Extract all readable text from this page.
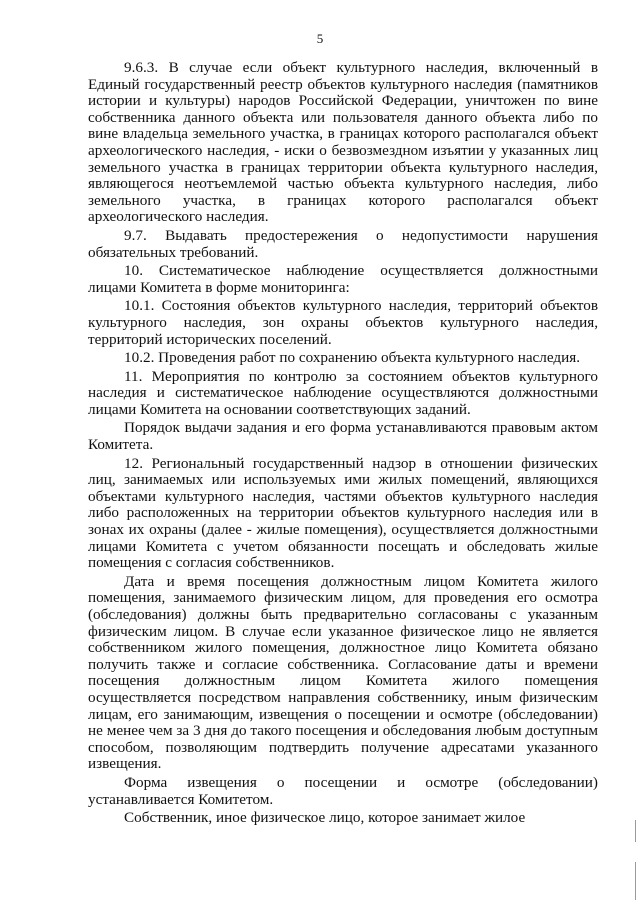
5

9.6.3. В случае если объект культурного наследия, включенный в Единый государственный реестр объектов культурного наследия (памятников истории и культуры) народов Российской Федерации, уничтожен по вине собственника данного объекта или пользователя данного объекта либо по вине владельца земельного участка, в границах которого располагался объект археологического наследия, - иски о безвозмездном изъятии у указанных лиц земельного участка в границах территории объекта культурного наследия, являющегося неотъемлемой частью объекта культурного наследия, либо земельного участка, в границах которого располагался объект археологического наследия.

9.7. Выдавать предостережения о недопустимости нарушения обязательных требований.

10. Систематическое наблюдение осуществляется должностными лицами Комитета в форме мониторинга:

10.1. Состояния объектов культурного наследия, территорий объектов культурного наследия, зон охраны объектов культурного наследия, территорий исторических поселений.

10.2. Проведения работ по сохранению объекта культурного наследия.

11. Мероприятия по контролю за состоянием объектов культурного наследия и систематическое наблюдение осуществляются должностными лицами Комитета на основании соответствующих заданий.

Порядок выдачи задания и его форма устанавливаются правовым актом Комитета.

12. Региональный государственный надзор в отношении физических лиц, занимаемых или используемых ими жилых помещений, являющихся объектами культурного наследия, частями объектов культурного наследия либо расположенных на территории объектов культурного наследия или в зонах их охраны (далее - жилые помещения), осуществляется должностными лицами Комитета с учетом обязанности посещать и обследовать жилые помещения с согласия собственников.

Дата и время посещения должностным лицом Комитета жилого помещения, занимаемого физическим лицом, для проведения его осмотра (обследования) должны быть предварительно согласованы с указанным физическим лицом. В случае если указанное физическое лицо не является собственником жилого помещения, должностное лицо Комитета обязано получить также и согласие собственника. Согласование даты и времени посещения должностным лицом Комитета жилого помещения осуществляется посредством направления собственнику, иным физическим лицам, его занимающим, извещения о посещении и осмотре (обследовании) не менее чем за 3 дня до такого посещения и обследования любым доступным способом, позволяющим подтвердить получение адресатами указанного извещения.

Форма извещения о посещении и осмотре (обследовании) устанавливается Комитетом.

Собственник, иное физическое лицо, которое занимает жилое
